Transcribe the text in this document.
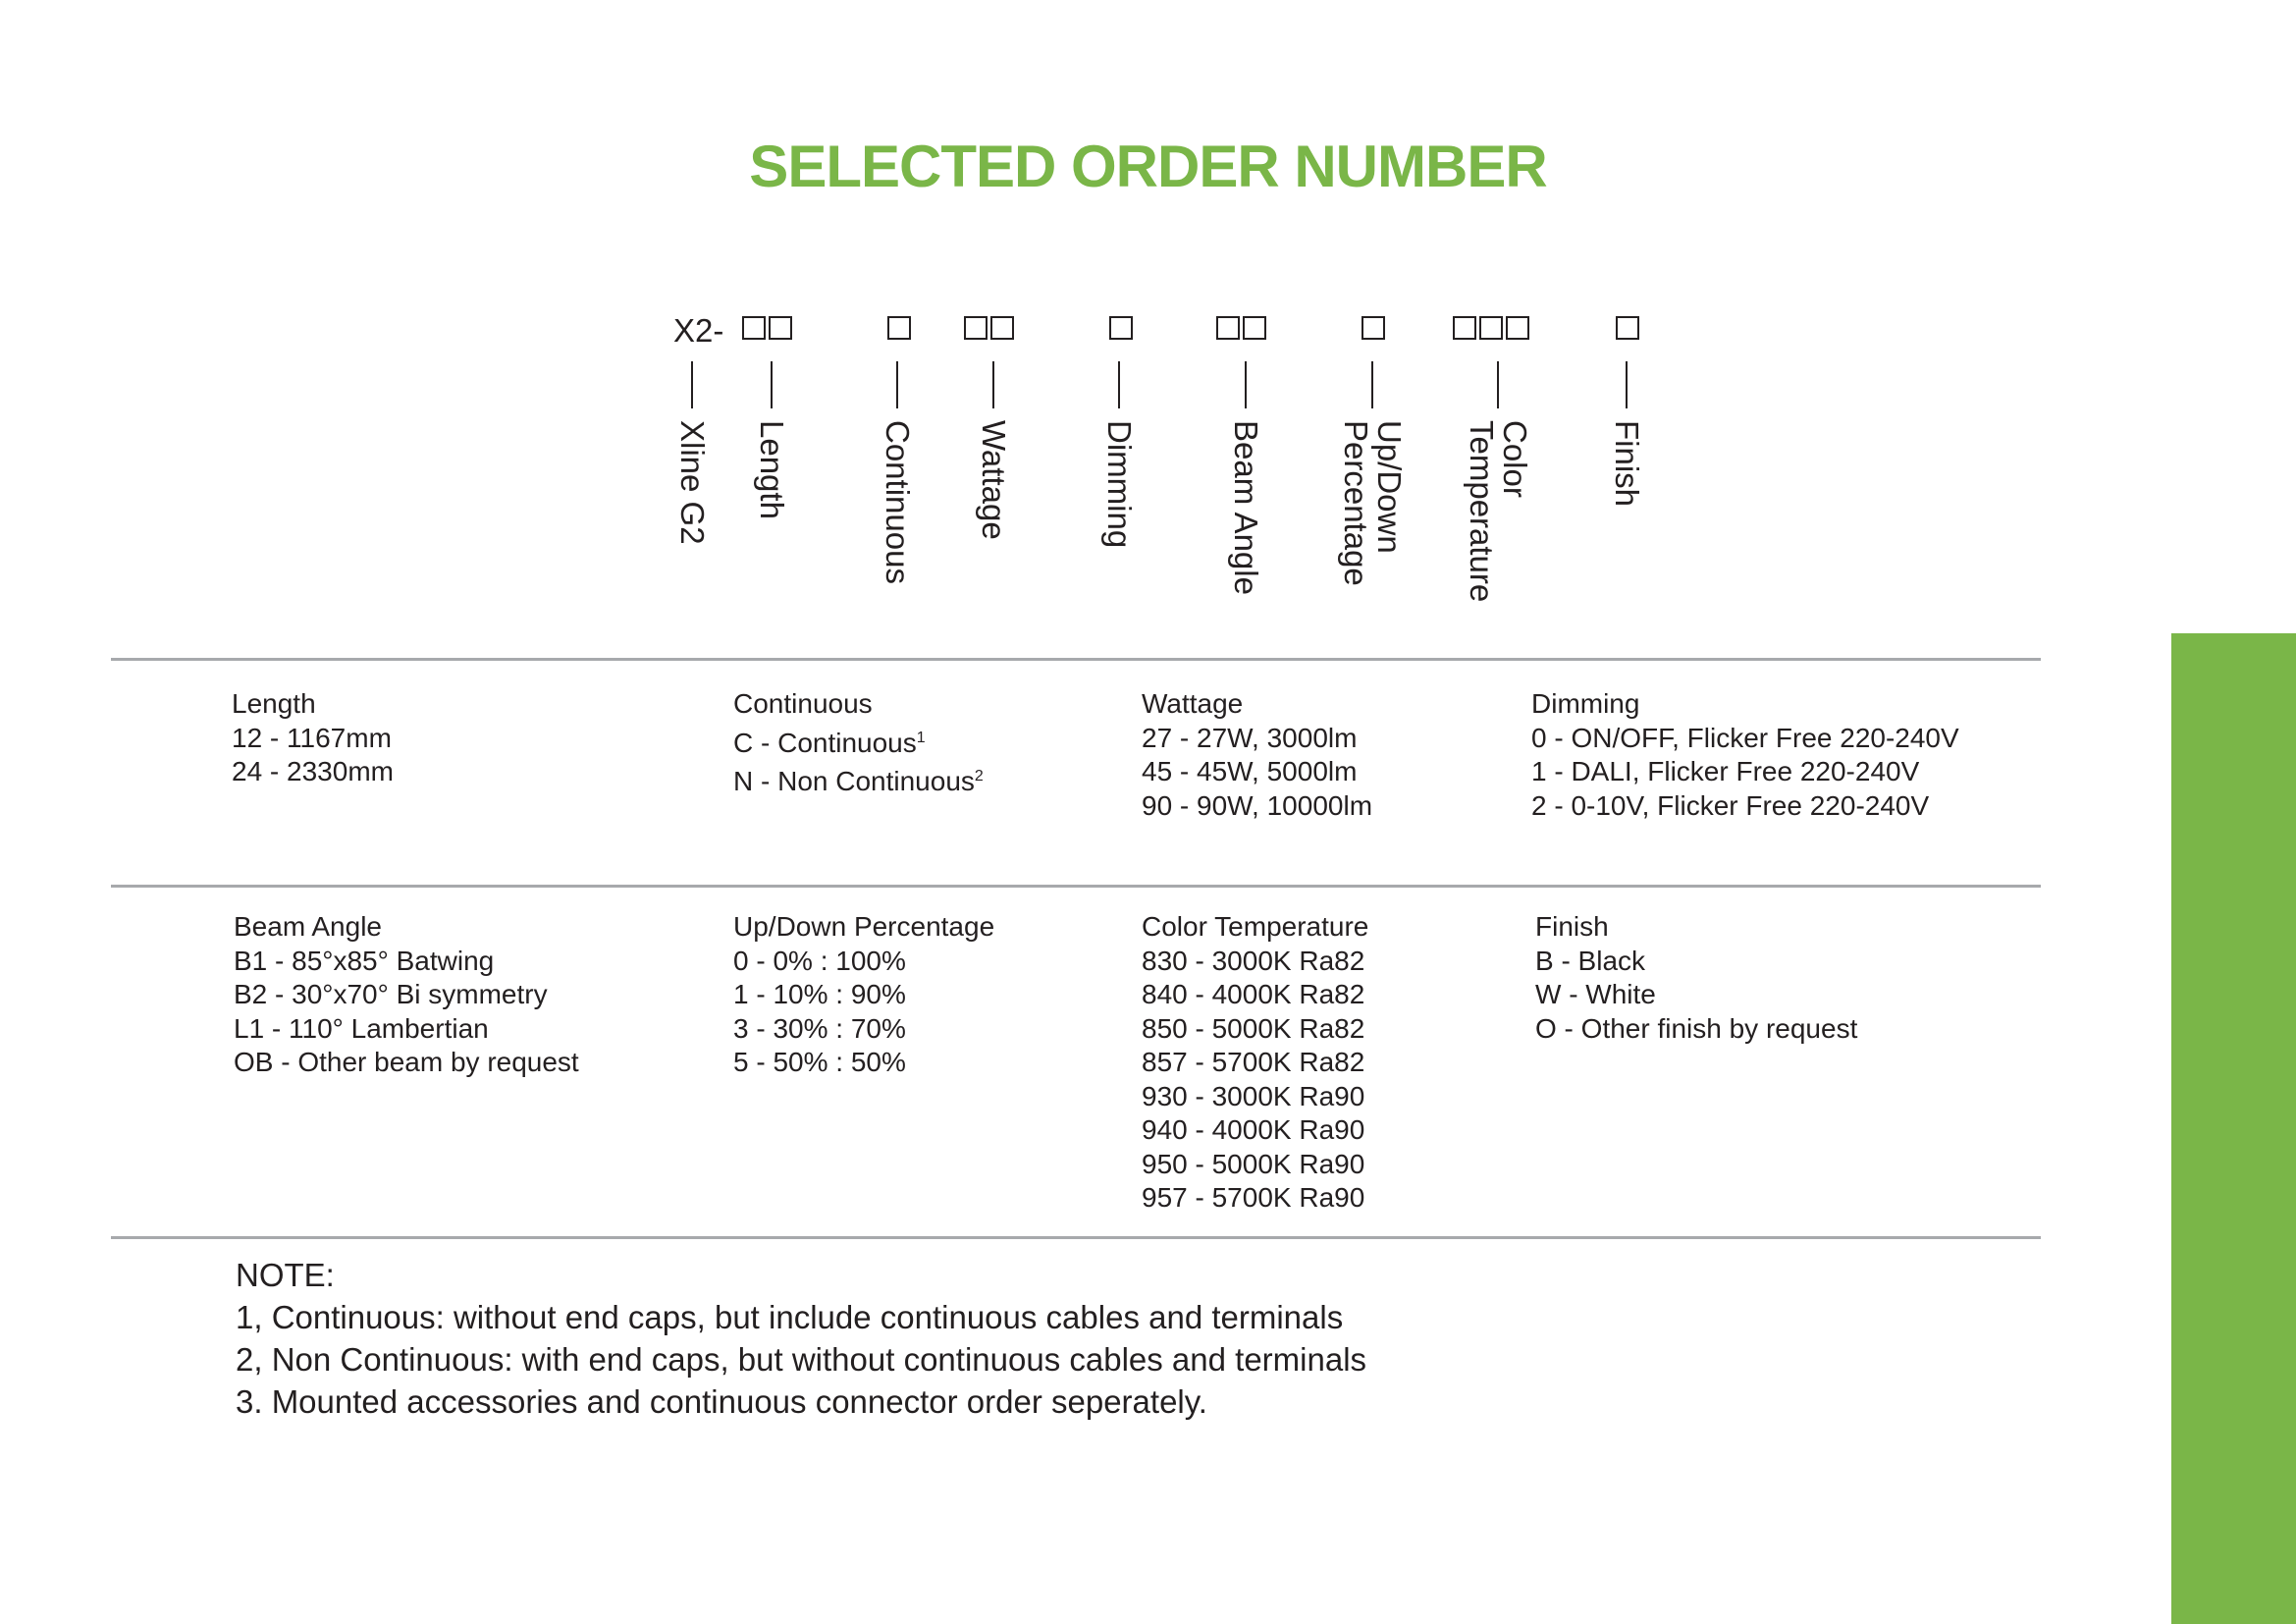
SELECTED ORDER NUMBER
X2-
Xline G2 Length	Continuous Wattage	Dimming	Beam Angle	Up/Down
Percentage	Color
Temperature	Finish
Length
12 - 1167mm
24 - 2330mm
Continuous
C - Continuous$^1$
N - Non Continuous$^2$
Wattage
27 - 27W, 3000lm
45 - 45W, 5000lm
90 - 90W, 10000lm
Dimming
0 - ON/OFF, Flicker Free 220-240V
1 - DALI, Flicker Free 220-240V
2 - 0-10V, Flicker Free 220-240V
Beam Angle
B1 - 85°x85° Batwing
B2 - 30°x70° Bi symmetry
L1 - 110° Lambertian
OB - Other beam by request
Up/Down Percentage
0 - 0% : 100%
1 - 10% : 90%
3 - 30% : 70%
5 - 50% : 50%
Color Temperature
830 - 3000K Ra82
840 - 4000K Ra82
850 - 5000K Ra82
857 - 5700K Ra82
930 - 3000K Ra90
940 - 4000K Ra90
950 - 5000K Ra90
957 - 5700K Ra90
Finish
B - Black
W - White
O - Other finish by request
NOTE:
1, Continuous: without end caps, but include continuous cables and terminals
2, Non Continuous: with end caps, but without continuous cables and terminals
3. Mounted accessories and continuous connector order seperately.
